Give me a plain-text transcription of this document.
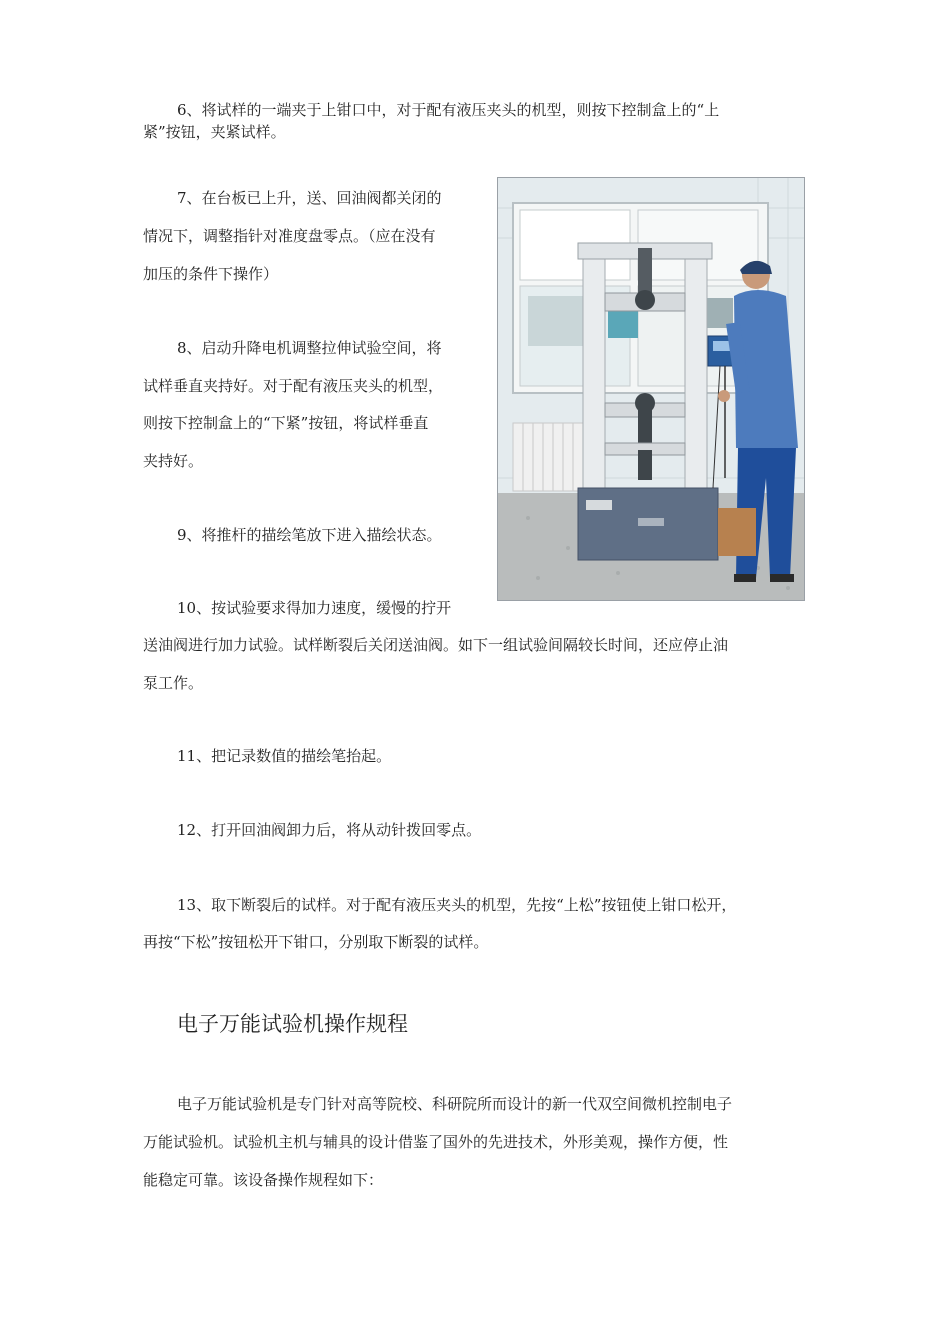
6、将试样的一端夹于上钳口中，对于配有液压夹头的机型，则按下控制盒上的“上
紧”按钮，夹紧试样。
7、在台板已上升，送、回油阀都关闭的
情况下，调整指针对准度盘零点。（应在没有
加压的条件下操作）
8、启动升降电机调整拉伸试验空间，将
试样垂直夹持好。对于配有液压夹头的机型，
则按下控制盒上的“下紧”按钮，将试样垂直
夹持好。
9、将推杆的描绘笔放下进入描绘状态。
10、按试验要求得加力速度，缓慢的拧开
送油阀进行加力试验。试样断裂后关闭送油阀。如下一组试验间隔较长时间，还应停止油
泵工作。
11、把记录数值的描绘笔抬起。
12、打开回油阀卸力后，将从动针拨回零点。
13、取下断裂后的试样。对于配有液压夹头的机型，先按“上松”按钮使上钳口松开，
再按“下松”按钮松开下钳口，分别取下断裂的试样。
电子万能试验机操作规程
电子万能试验机是专门针对高等院校、科研院所而设计的新一代双空间微机控制电子
万能试验机。试验机主机与辅具的设计借鉴了国外的先进技术，外形美观，操作方便，性
能稳定可靠。该设备操作规程如下：
